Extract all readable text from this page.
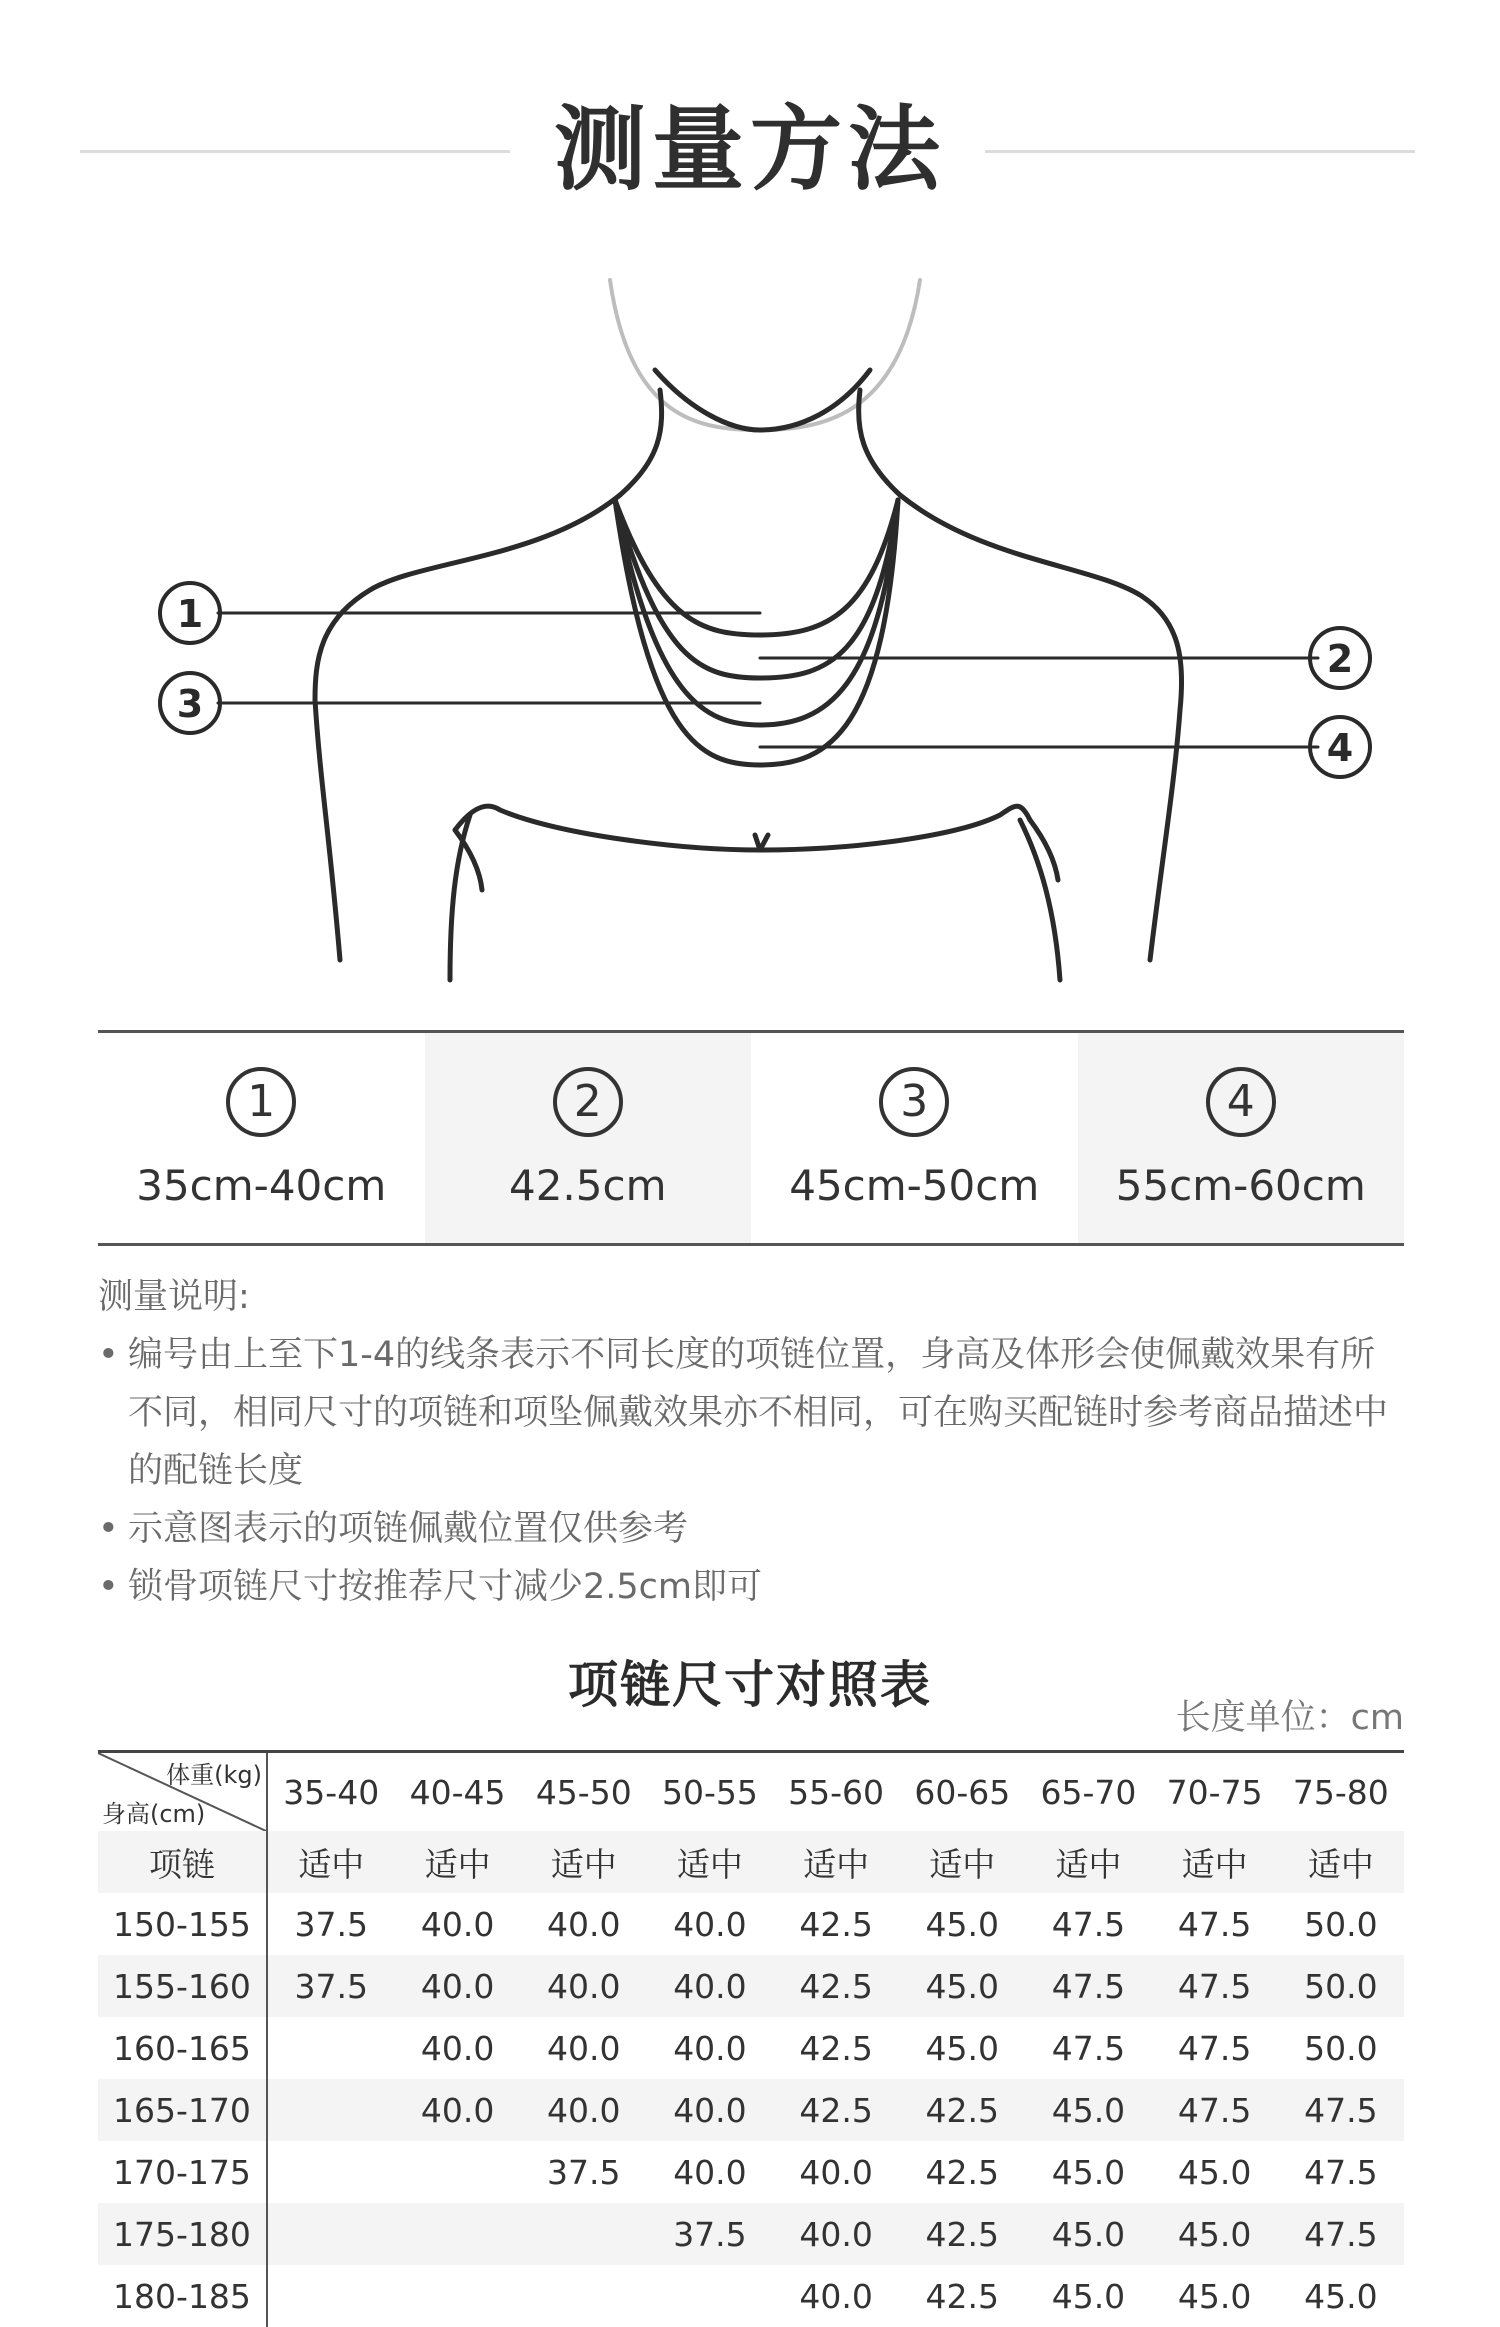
测量方法
1
2
3
4
1
35cm-40cm
2
42.5cm
3
45cm-50cm
4
55cm-60cm
测量说明:
• 编号由上至下1-4的线条表示不同长度的项链位置，身高及体形会使佩戴效果有所不同，相同尺寸的项链和项坠佩戴效果亦不相同，可在购买配链时参考商品描述中的配链长度
• 示意图表示的项链佩戴位置仅供参考
• 锁骨项链尺寸按推荐尺寸减少2.5cm即可
项链尺寸对照表
长度单位：cm
体重(kg)
身高(cm)	35-40	40-45	45-50	50-55	55-60	60-65	65-70	70-75	75-80
项链	适中	适中	适中	适中	适中	适中	适中	适中	适中
150-155	37.5	40.0	40.0	40.0	42.5	45.0	47.5	47.5	50.0
155-160	37.5	40.0	40.0	40.0	42.5	45.0	47.5	47.5	50.0
160-165		40.0	40.0	40.0	42.5	45.0	47.5	47.5	50.0
165-170		40.0	40.0	40.0	42.5	42.5	45.0	47.5	47.5
170-175			37.5	40.0	40.0	42.5	45.0	45.0	47.5
175-180				37.5	40.0	42.5	45.0	45.0	47.5
180-185					40.0	42.5	45.0	45.0	45.0
